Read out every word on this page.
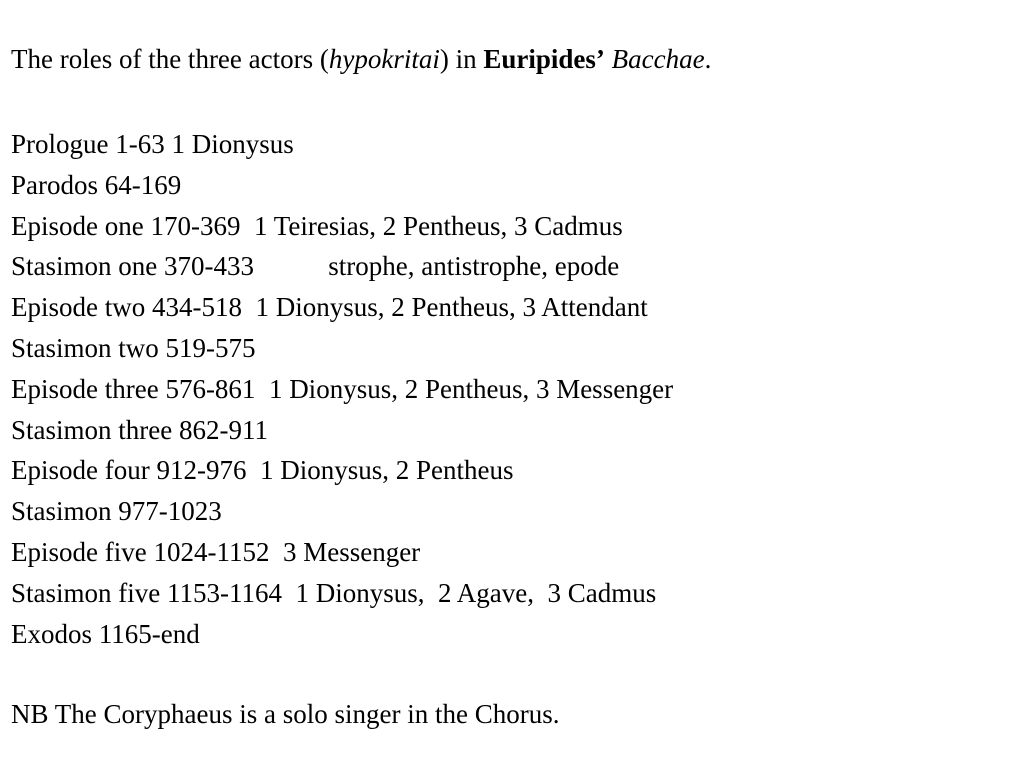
The roles of the three actors (hypokritai) in Euripides’ Bacchae.
Prologue 1-63 1 Dionysus
Parodos 64-169
Episode one 170-369  1 Teiresias, 2 Pentheus, 3 Cadmus
Stasimon one 370-433           strophe, antistrophe, epode
Episode two 434-518  1 Dionysus, 2 Pentheus, 3 Attendant
Stasimon two 519-575
Episode three 576-861  1 Dionysus, 2 Pentheus, 3 Messenger
Stasimon three 862-911
Episode four 912-976  1 Dionysus, 2 Pentheus
Stasimon 977-1023
Episode five 1024-1152  3 Messenger
Stasimon five 1153-1164  1 Dionysus,  2 Agave,  3 Cadmus
Exodos 1165-end
NB The Coryphaeus is a solo singer in the Chorus.
